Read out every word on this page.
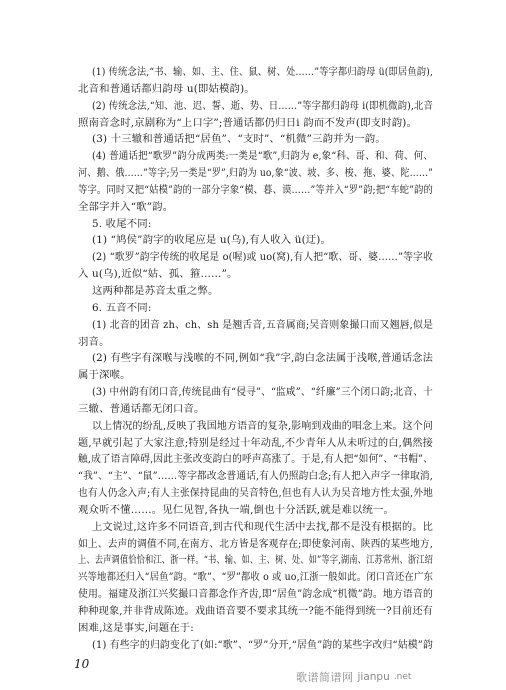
(1) 传统念法,“书、输、如、主、住、鼠、树、处……”等字都归韵母 ü(即居鱼韵),
北音和普通话都归韵母 u(即姑模韵)。
(2) 传统念法,“知、池、迟、誓、逝、势、日……”等字都归韵母 i(即机微韵),北音
照南音念时,京剧称为“上口字”;普通话都仍归日i 韵而不发声(即支时韵)。
(3) 十三辙和普通话把“居鱼”、“支时”、“机微”三韵并为一韵。
(4) 普通话把“歌罗”韵分成两类:一类是“歌”,归韵为 e,象“科、哥、和、荷、何、
河、鹅、俄……”等字;另一类是“罗”,归韵为 uo,象“波、坡、多、梭、拖、婆、陀……”
等字。同时又把“姑模”韵的一部分字象“模、暮、谟……”等并入“罗”韵;把“车蛇”韵的
全部字并入“歌”韵。
5. 收尾不同:
(1) “鸠侯”韵字的收尾应是 u(乌),有人收入 ü(迂)。
(2) “歌罗”韵字传统的收尾是 o(喔)或 uo(窝),有人把“歌、哥、婆……”等字收
入 u(乌),近似“姑、孤、箍……”。
这两种都是苏音太重之弊。
6. 五音不同:
(1) 北音的团音 zh、ch、sh 是翘舌音,五音属商;吴音则象撮口而又翘唇,似是
羽音。
(2) 有些字有深喉与浅喉的不同,例如“我”字,韵白念法属于浅喉,普通话念法
属于深喉。
(3) 中州韵有闭口音,传统昆曲有“侵寻”、“监咸”、“纤廉”三个闭口韵;北音、十
三辙、普通话都无闭口音。
以上情况的纷乱,反映了我国地方语音的复杂,影响到戏曲的唱念上来。这个问
题,早就引起了大家注意;特别是经过十年动乱,不少青年人从未听过的白,偶然接
触,成了语言障碍,因此主张改变韵白的呼声高涨了。于是,有人把“如何”、“书帽”、
“我”、“主”、“鼠”……等字都改念普通话,有人仍照韵白念;有人把入声字一律取消,
也有人仍念入声;有人主张保持昆曲的吴音特色,但也有人认为吴音地方性太强,外地
观众听不懂……。见仁见智,各执一端,倒也十分活跃,就是难以统一。
上文说过,这许多不同语音,到古代和现代生活中去找,都不是没有根据的。比
如上、去声的调值不同,在南方、北方皆是客观存在;即使象河南、陕西的某些地方,
上、去声调值恰恰和江、浙一样。“书、输、如、主、树、处、如”等字,湖南、江苏常州、浙江绍
兴等地都还归入“居鱼”韵。“歌”、“罗”都收 o 或 uo,江浙一般如此。闭口音还在广东
使用。福建及浙江兴奖撮口音都念作齐齿,即“居鱼”韵念成“机微”韵。地方语音的
种种现象,并非背成陈迹。戏曲语音要不要求其统一?能不能得到统一?目前还有
困难,这是事实,问题在于:
(1) 有些字的归韵变化了(如:“歌”、“罗”分开,“居鱼”韵的某些字改归“姑模”韵
10
歌谱简谱网 jianpu .net
